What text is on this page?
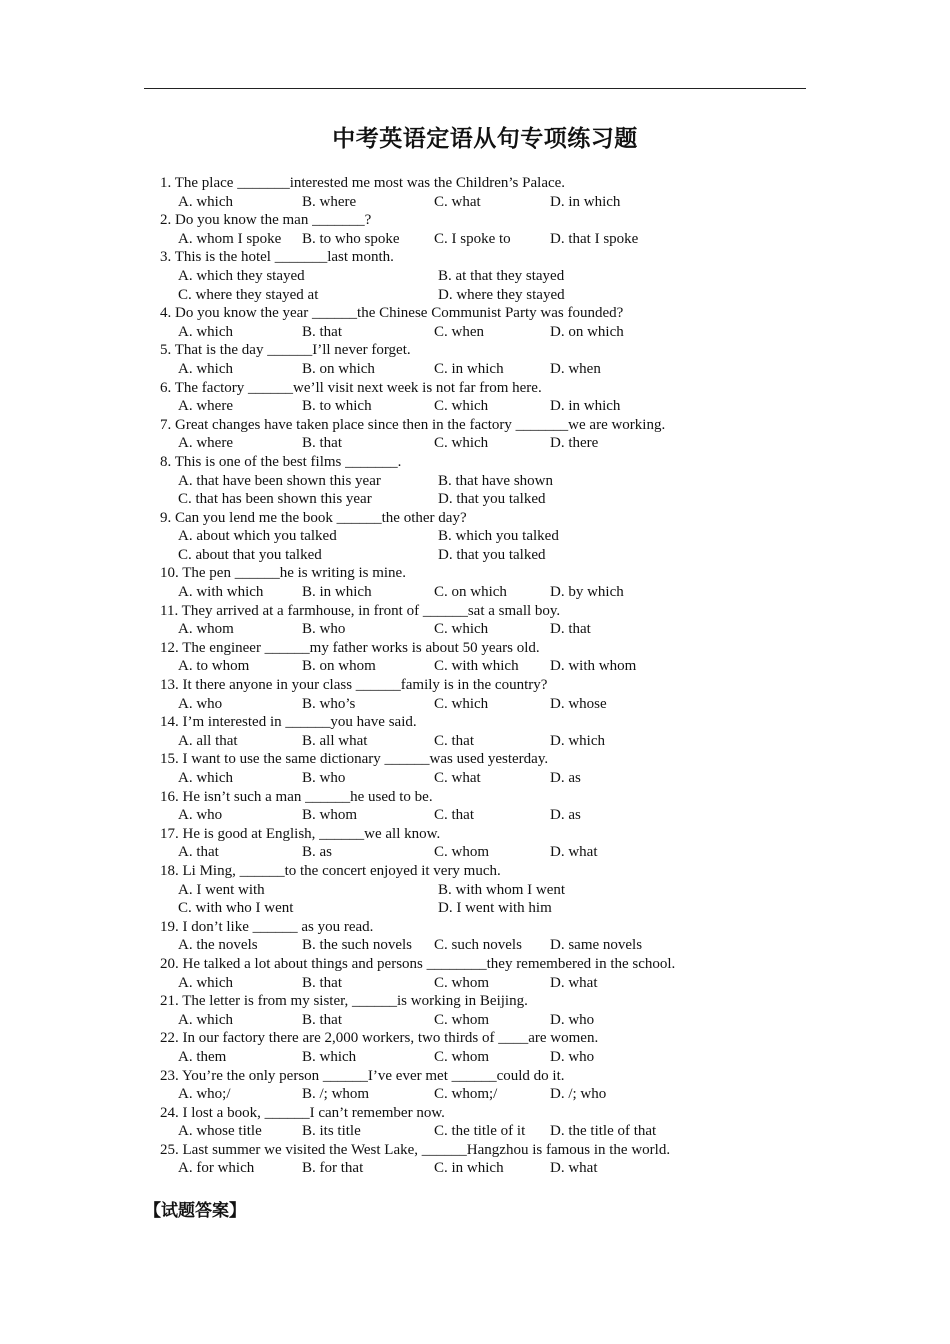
中考英语定语从句专项练习题
1. The place _______interested me most was the Children’s Palace.
A. which	B. where	C. what	D. in which
2. Do you know the man _______?
A. whom I spoke B. to who spoke C. I spoke to	D. that I spoke
3. This is the hotel _______last month.
A. which they stayed	B. at that they stayed
C. where they stayed at	D. where they stayed
4. Do you know the year ______the Chinese Communist Party was founded?
A. which	B. that	C. when	D. on which
5. That is the day ______I’ll never forget.
A. which	B. on which	C. in which	D. when
6. The factory ______we’ll visit next week is not far from here.
A. where	B. to which	C. which	D. in which
7. Great changes have taken place since then in the factory _______we are working.
A. where	B. that	C. which	D. there
8. This is one of the best films _______.
A. that have been shown this year	B. that have shown
C. that has been shown this year	D. that you talked
9. Can you lend me the book ______the other day?
A. about which you talked	B. which you talked
C. about that you talked	D. that you talked
10. The pen ______he is writing is mine.
A. with which	B. in which	C. on which	D. by which
11. They arrived at a farmhouse, in front of ______sat a small boy.
A. whom	B. who	C. which	D. that
12. The engineer ______my father works is about 50 years old.
A. to whom	B. on whom	C. with which D. with whom
13. It there anyone in your class ______family is in the country?
A. who	B. who’s	C. which	D. whose
14. I’m interested in ______you have said.
A. all that	B. all what	C. that	D. which
15. I want to use the same dictionary ______was used yesterday.
A. which	B. who	C. what	D. as
16. He isn’t such a man ______he used to be.
A. who	B. whom	C. that	D. as
17. He is good at English, ______we all know.
A. that	B. as	C. whom	D. what
18. Li Ming, ______to the concert enjoyed it very much.
A. I went with	B. with whom I went
C. with who I went	D. I went with him
19. I don’t like ______ as you read.
A. the novels	B. the such novels C. such novels D. same novels
20. He talked a lot about things and persons ________they remembered in the school.
A. which	B. that	C. whom	D. what
21. The letter is from my sister, ______is working in Beijing.
A. which	B. that	C. whom	D. who
22. In our factory there are 2,000 workers, two thirds of ____are women.
A. them	B. which	C. whom	D. who
23. You’re the only person ______I’ve ever met ______could do it.
A. who;/	B. /; whom	C. whom;/	D. /; who
24. I lost a book, ______I can’t remember now.
A. whose title	B. its title	C. the title of it D. the title of that
25. Last summer we visited the West Lake, ______Hangzhou is famous in the world.
A. for which	B. for that	C. in which	D. what
【试题答案】
